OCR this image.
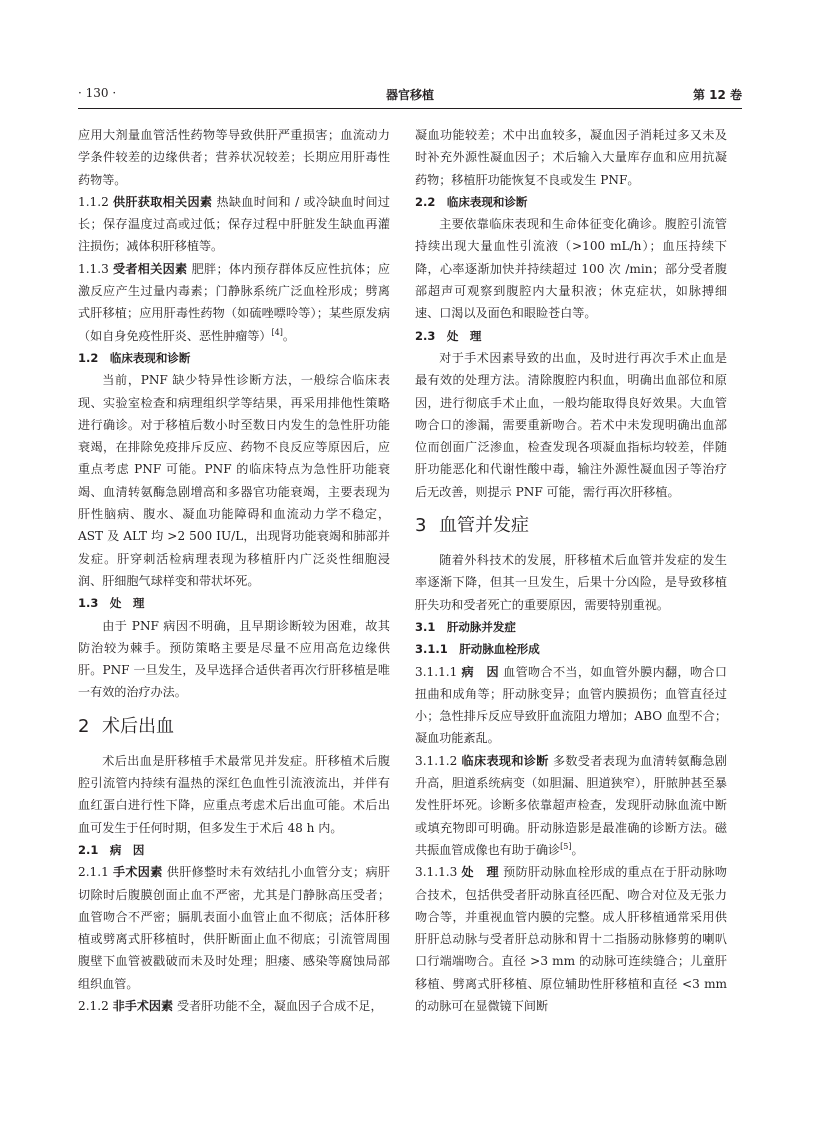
· 130 ·	器官移植	第 12 卷

应用大剂量血管活性药物等导致供肝严重损害；血流动力学条件较差的边缘供者；营养状况较差；长期应用肝毒性药物等。

1.1.2 供肝获取相关因素 热缺血时间和 / 或冷缺血时间过长；保存温度过高或过低；保存过程中肝脏发生缺血再灌注损伤；减体积肝移植等。

1.1.3 受者相关因素 肥胖；体内预存群体反应性抗体；应激反应产生过量内毒素；门静脉系统广泛血栓形成；劈离式肝移植；应用肝毒性药物（如硫唑嘌呤等）；某些原发病（如自身免疫性肝炎、恶性肿瘤等）[4]。

1.2　临床表现和诊断

当前，PNF 缺少特异性诊断方法，一般综合临床表现、实验室检查和病理组织学等结果，再采用排他性策略进行确诊。对于移植后数小时至数日内发生的急性肝功能衰竭，在排除免疫排斥反应、药物不良反应等原因后，应重点考虑 PNF 可能。PNF 的临床特点为急性肝功能衰竭、血清转氨酶急剧增高和多器官功能衰竭，主要表现为肝性脑病、腹水、凝血功能障碍和血流动力学不稳定，AST 及 ALT 均 >2 500 IU/L，出现肾功能衰竭和肺部并发症。肝穿刺活检病理表现为移植肝内广泛炎性细胞浸润、肝细胞气球样变和带状坏死。

1.3　处　理

由于 PNF 病因不明确，且早期诊断较为困难，故其防治较为棘手。预防策略主要是尽量不应用高危边缘供肝。PNF 一旦发生，及早选择合适供者再次行肝移植是唯一有效的治疗办法。

2 术后出血

术后出血是肝移植手术最常见并发症。肝移植术后腹腔引流管内持续有温热的深红色血性引流液流出，并伴有血红蛋白进行性下降，应重点考虑术后出血可能。术后出血可发生于任何时期，但多发生于术后 48 h 内。

2.1　病　因

2.1.1 手术因素 供肝修整时未有效结扎小血管分支；病肝切除时后腹膜创面止血不严密，尤其是门静脉高压受者；血管吻合不严密；膈肌表面小血管止血不彻底；活体肝移植或劈离式肝移植时，供肝断面止血不彻底；引流管周围腹壁下血管被戳破而未及时处理；胆瘘、感染等腐蚀局部组织血管。

2.1.2 非手术因素 受者肝功能不全，凝血因子合成不足，

凝血功能较差；术中出血较多，凝血因子消耗过多又未及时补充外源性凝血因子；术后输入大量库存血和应用抗凝药物；移植肝功能恢复不良或发生 PNF。

2.2　临床表现和诊断

主要依靠临床表现和生命体征变化确诊。腹腔引流管持续出现大量血性引流液（>100 mL/h）；血压持续下降，心率逐渐加快并持续超过 100 次 /min；部分受者腹部超声可观察到腹腔内大量积液；休克症状，如脉搏细速、口渴以及面色和眼睑苍白等。

2.3　处　理

对于手术因素导致的出血，及时进行再次手术止血是最有效的处理方法。清除腹腔内积血，明确出血部位和原因，进行彻底手术止血，一般均能取得良好效果。大血管吻合口的渗漏，需要重新吻合。若术中未发现明确出血部位而创面广泛渗血，检查发现各项凝血指标均较差，伴随肝功能恶化和代谢性酸中毒，输注外源性凝血因子等治疗后无改善，则提示 PNF 可能，需行再次肝移植。

3 血管并发症

随着外科技术的发展，肝移植术后血管并发症的发生率逐渐下降，但其一旦发生，后果十分凶险，是导致移植肝失功和受者死亡的重要原因，需要特别重视。

3.1　肝动脉并发症

3.1.1　肝动脉血栓形成

3.1.1.1 病　因 血管吻合不当，如血管外膜内翻，吻合口扭曲和成角等；肝动脉变异；血管内膜损伤；血管直径过小；急性排斥反应导致肝血流阻力增加；ABO 血型不合；凝血功能紊乱。

3.1.1.2 临床表现和诊断 多数受者表现为血清转氨酶急剧升高，胆道系统病变（如胆漏、胆道狭窄），肝脓肿甚至暴发性肝坏死。诊断多依靠超声检查，发现肝动脉血流中断或填充物即可明确。肝动脉造影是最准确的诊断方法。磁共振血管成像也有助于确诊[5]。

3.1.1.3 处　理 预防肝动脉血栓形成的重点在于肝动脉吻合技术，包括供受者肝动脉直径匹配、吻合对位及无张力吻合等，并重视血管内膜的完整。成人肝移植通常采用供肝肝总动脉与受者肝总动脉和胃十二指肠动脉修剪的喇叭口行端端吻合。直径 >3 mm 的动脉可连续缝合；儿童肝移植、劈离式肝移植、原位辅助性肝移植和直径 <3 mm 的动脉可在显微镜下间断
